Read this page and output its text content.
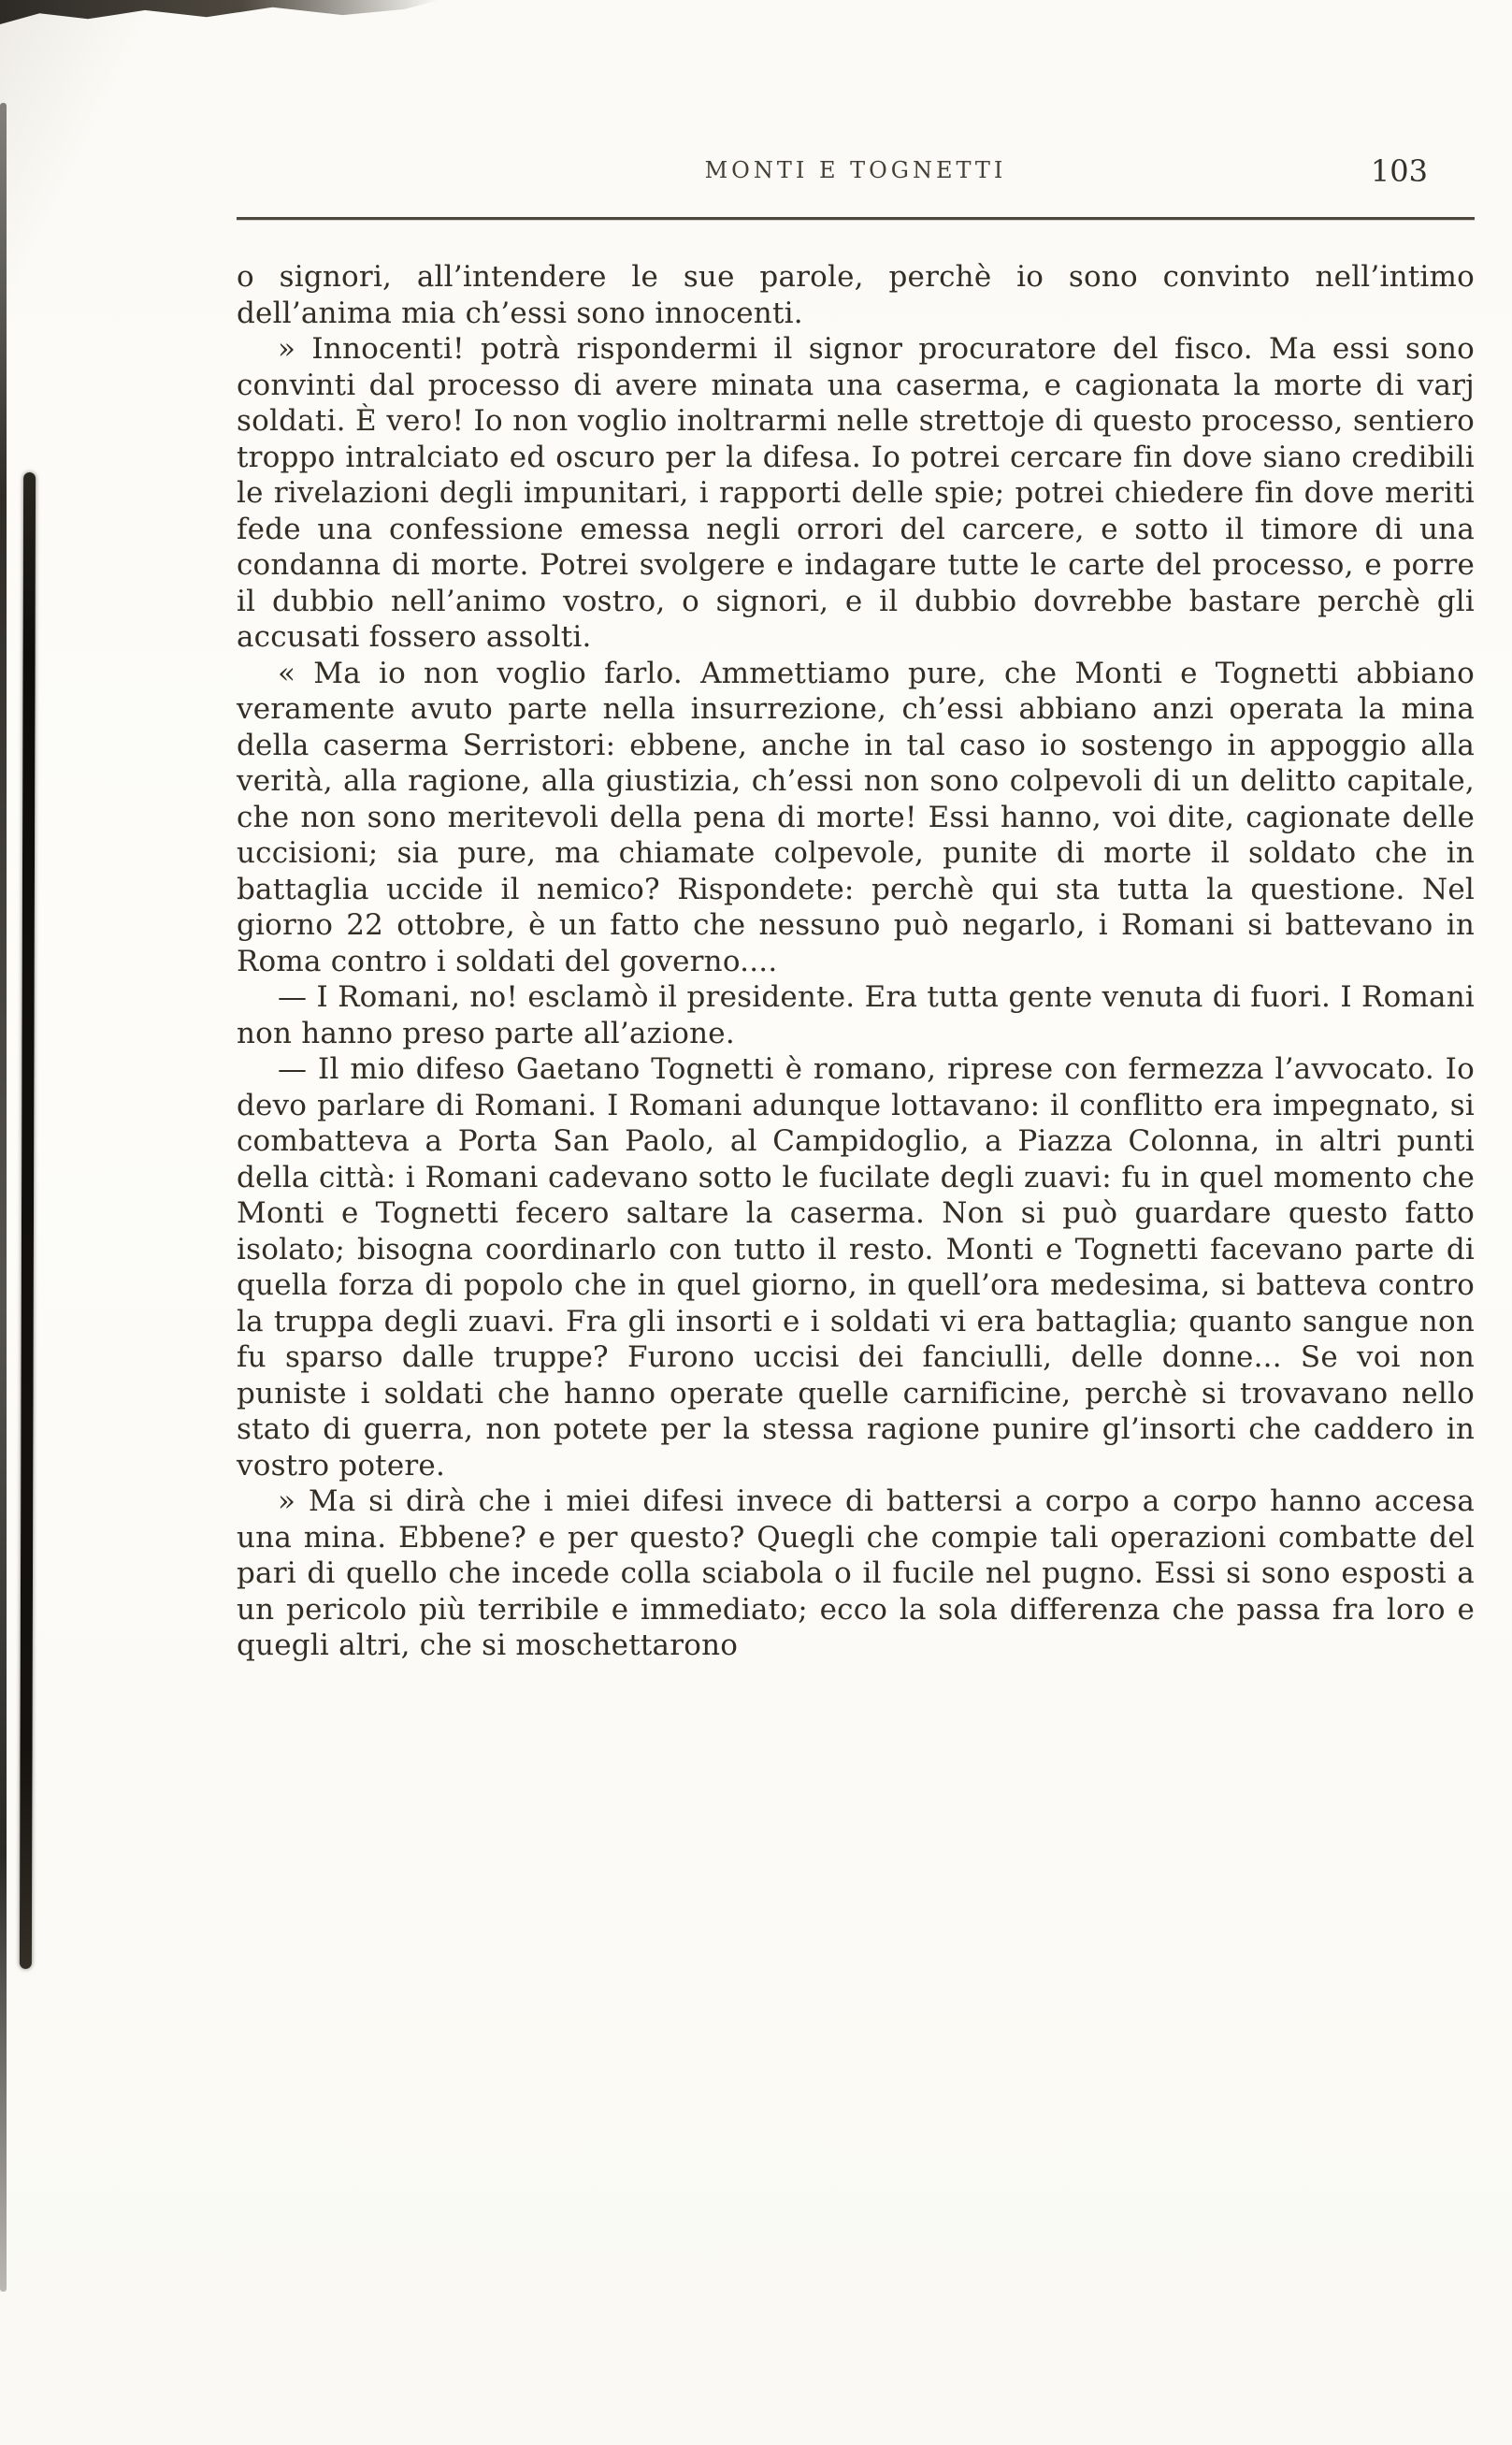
MONTI E TOGNETTI	103

o signori, all’intendere le sue parole, perchè io sono convinto nell’intimo dell’anima mia ch’essi sono innocenti.

» Innocenti! potrà rispondermi il signor procuratore del fisco. Ma essi sono convinti dal processo di avere minata una caserma, e cagionata la morte di varj soldati. È vero! Io non voglio inoltrarmi nelle strettoje di questo processo, sentiero troppo intralciato ed oscuro per la difesa. Io potrei cercare fin dove siano credibili le rivelazioni degli impunitari, i rapporti delle spie; potrei chiedere fin dove meriti fede una confessione emessa negli orrori del carcere, e sotto il timore di una condanna di morte. Potrei svolgere e indagare tutte le carte del processo, e porre il dubbio nell’animo vostro, o signori, e il dubbio dovrebbe bastare perchè gli accusati fossero assolti.

« Ma io non voglio farlo. Ammettiamo pure, che Monti e Tognetti abbiano veramente avuto parte nella insurrezione, ch’essi abbiano anzi operata la mina della caserma Serristori: ebbene, anche in tal caso io sostengo in appoggio alla verità, alla ragione, alla giustizia, ch’essi non sono colpevoli di un delitto capitale, che non sono meritevoli della pena di morte! Essi hanno, voi dite, cagionate delle uccisioni; sia pure, ma chiamate colpevole, punite di morte il soldato che in battaglia uccide il nemico? Rispondete: perchè qui sta tutta la questione. Nel giorno 22 ottobre, è un fatto che nessuno può negarlo, i Romani si battevano in Roma contro i soldati del governo....

— I Romani, no! esclamò il presidente. Era tutta gente venuta di fuori. I Romani non hanno preso parte all’azione.

— Il mio difeso Gaetano Tognetti è romano, riprese con fermezza l’avvocato. Io devo parlare di Romani. I Romani adunque lottavano: il conflitto era impegnato, si combatteva a Porta San Paolo, al Campidoglio, a Piazza Colonna, in altri punti della città: i Romani cadevano sotto le fucilate degli zuavi: fu in quel momento che Monti e Tognetti fecero saltare la caserma. Non si può guardare questo fatto isolato; bisogna coordinarlo con tutto il resto. Monti e Tognetti facevano parte di quella forza di popolo che in quel giorno, in quell’ora medesima, si batteva contro la truppa degli zuavi. Fra gli insorti e i soldati vi era battaglia; quanto sangue non fu sparso dalle truppe? Furono uccisi dei fanciulli, delle donne... Se voi non puniste i soldati che hanno operate quelle carnificine, perchè si trovavano nello stato di guerra, non potete per la stessa ragione punire gl’insorti che caddero in vostro potere.

» Ma si dirà che i miei difesi invece di battersi a corpo a corpo hanno accesa una mina. Ebbene? e per questo? Quegli che compie tali operazioni combatte del pari di quello che incede colla sciabola o il fucile nel pugno. Essi si sono esposti a un pericolo più terribile e immediato; ecco la sola differenza che passa fra loro e quegli altri, che si moschettarono
